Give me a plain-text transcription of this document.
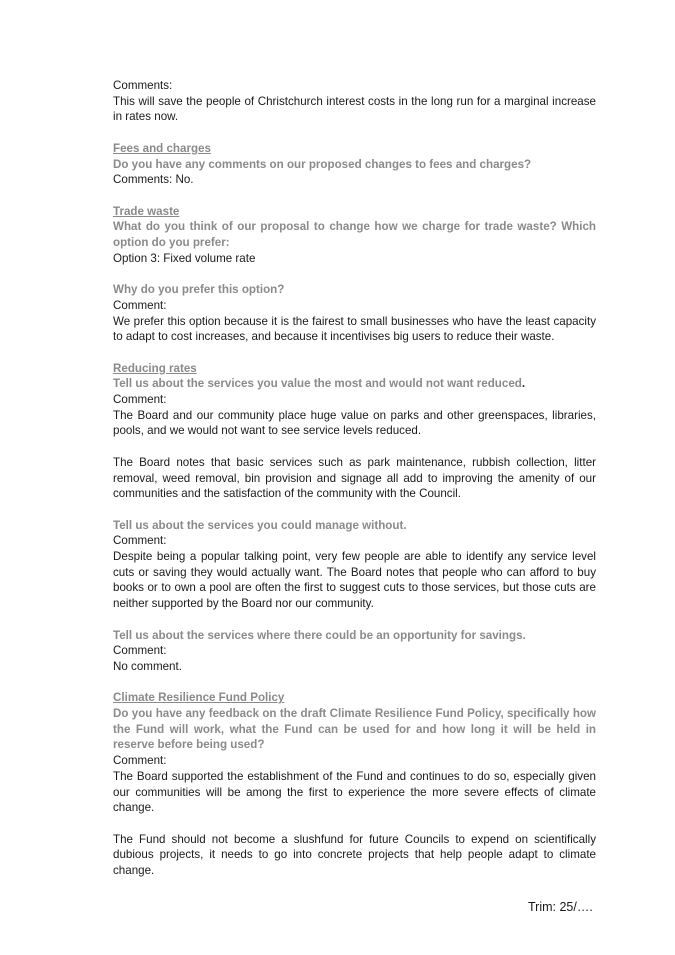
Comments:

This will save the people of Christchurch interest costs in the long run for a marginal increase in rates now.

Fees and charges

Do you have any comments on our proposed changes to fees and charges?

Comments: No.

Trade waste

What do you think of our proposal to change how we charge for trade waste? Which option do you prefer:

Option 3: Fixed volume rate

Why do you prefer this option?

Comment:

We prefer this option because it is the fairest to small businesses who have the least capacity to adapt to cost increases, and because it incentivises big users to reduce their waste.

Reducing rates

Tell us about the services you value the most and would not want reduced.

Comment:

The Board and our community place huge value on parks and other greenspaces, libraries, pools, and we would not want to see service levels reduced.

The Board notes that basic services such as park maintenance, rubbish collection, litter removal, weed removal, bin provision and signage all add to improving the amenity of our communities and the satisfaction of the community with the Council.

Tell us about the services you could manage without.

Comment:

Despite being a popular talking point, very few people are able to identify any service level cuts or saving they would actually want. The Board notes that people who can afford to buy books or to own a pool are often the first to suggest cuts to those services, but those cuts are neither supported by the Board nor our community.

Tell us about the services where there could be an opportunity for savings.

Comment:

No comment.

Climate Resilience Fund Policy

Do you have any feedback on the draft Climate Resilience Fund Policy, specifically how the Fund will work, what the Fund can be used for and how long it will be held in reserve before being used?

Comment:

The Board supported the establishment of the Fund and continues to do so, especially given our communities will be among the first to experience the more severe effects of climate change.

The Fund should not become a slushfund for future Councils to expend on scientifically dubious projects, it needs to go into concrete projects that help people adapt to climate change.

Trim: 25/….
